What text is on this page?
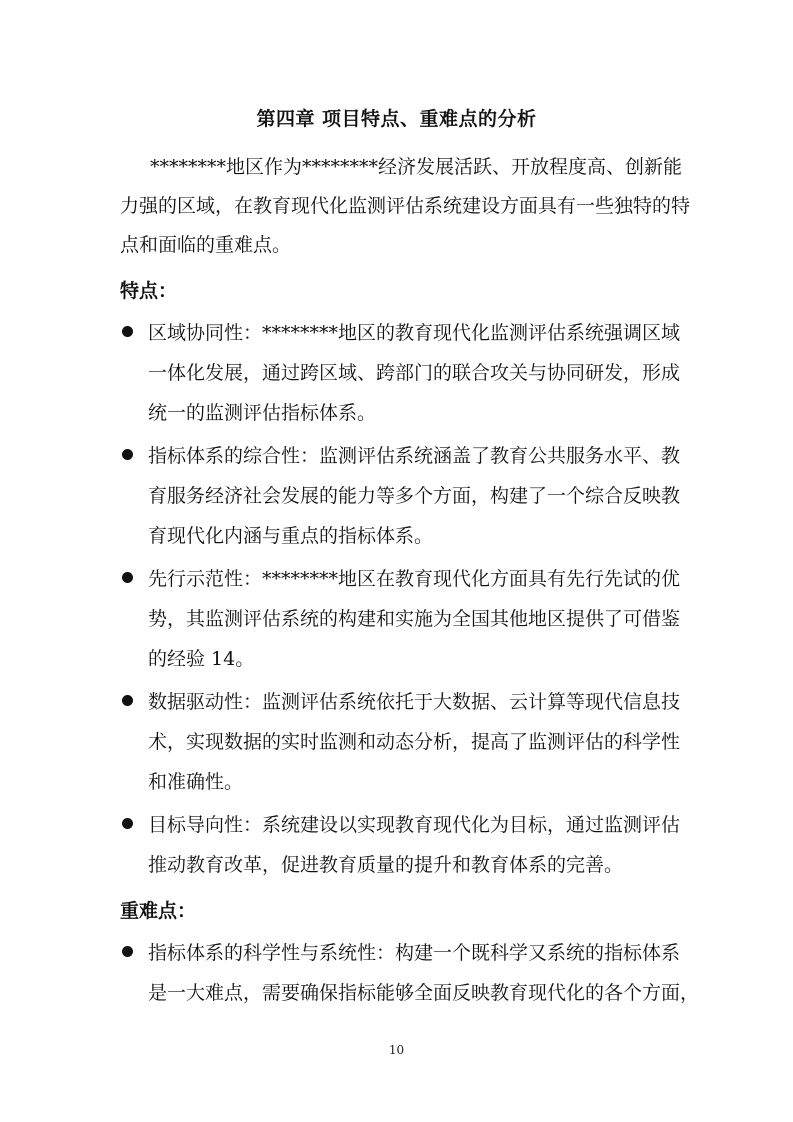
第四章 项目特点、重难点的分析
********地区作为********经济发展活跃、开放程度高、创新能
力强的区域，在教育现代化监测评估系统建设方面具有一些独特的特
点和面临的重难点。
特点：
区域协同性：********地区的教育现代化监测评估系统强调区域
一体化发展，通过跨区域、跨部门的联合攻关与协同研发，形成
统一的监测评估指标体系。
指标体系的综合性：监测评估系统涵盖了教育公共服务水平、教
育服务经济社会发展的能力等多个方面，构建了一个综合反映教
育现代化内涵与重点的指标体系。
先行示范性：********地区在教育现代化方面具有先行先试的优
势，其监测评估系统的构建和实施为全国其他地区提供了可借鉴
的经验 14。
数据驱动性：监测评估系统依托于大数据、云计算等现代信息技
术，实现数据的实时监测和动态分析，提高了监测评估的科学性
和准确性。
目标导向性：系统建设以实现教育现代化为目标，通过监测评估
推动教育改革，促进教育质量的提升和教育体系的完善。
重难点：
指标体系的科学性与系统性：构建一个既科学又系统的指标体系
是一大难点，需要确保指标能够全面反映教育现代化的各个方面，
10
